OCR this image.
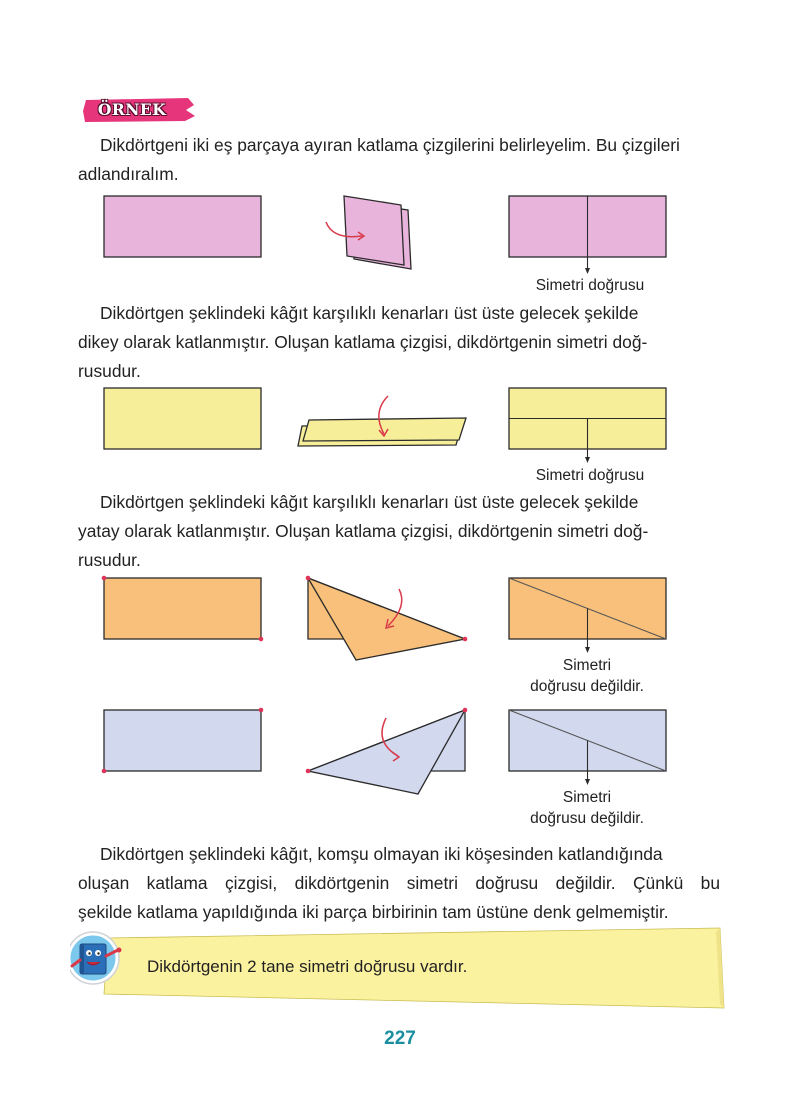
ÖRNEK
Dikdörtgeni iki eş parçaya ayıran katlama çizgilerini belirleyelim. Bu çizgileri
adlandıralım.
Simetri doğrusu
Dikdörtgen şeklindeki kâğıt karşılıklı kenarları üst üste gelecek şekilde
dikey olarak katlanmıştır. Oluşan katlama çizgisi, dikdörtgenin simetri doğ-
rusudur.
Simetri doğrusu
Dikdörtgen şeklindeki kâğıt karşılıklı kenarları üst üste gelecek şekilde
yatay olarak katlanmıştır. Oluşan katlama çizgisi, dikdörtgenin simetri doğ-
rusudur.
Simetri
doğrusu değildir.
Simetri
doğrusu değildir.
Dikdörtgen şeklindeki kâğıt, komşu olmayan iki köşesinden katlandığında
oluşan katlama çizgisi, dikdörtgenin simetri doğrusu değildir. Çünkü bu
şekilde katlama yapıldığında iki parça birbirinin tam üstüne denk gelmemiştir.
Dikdörtgenin 2 tane simetri doğrusu vardır.
227
